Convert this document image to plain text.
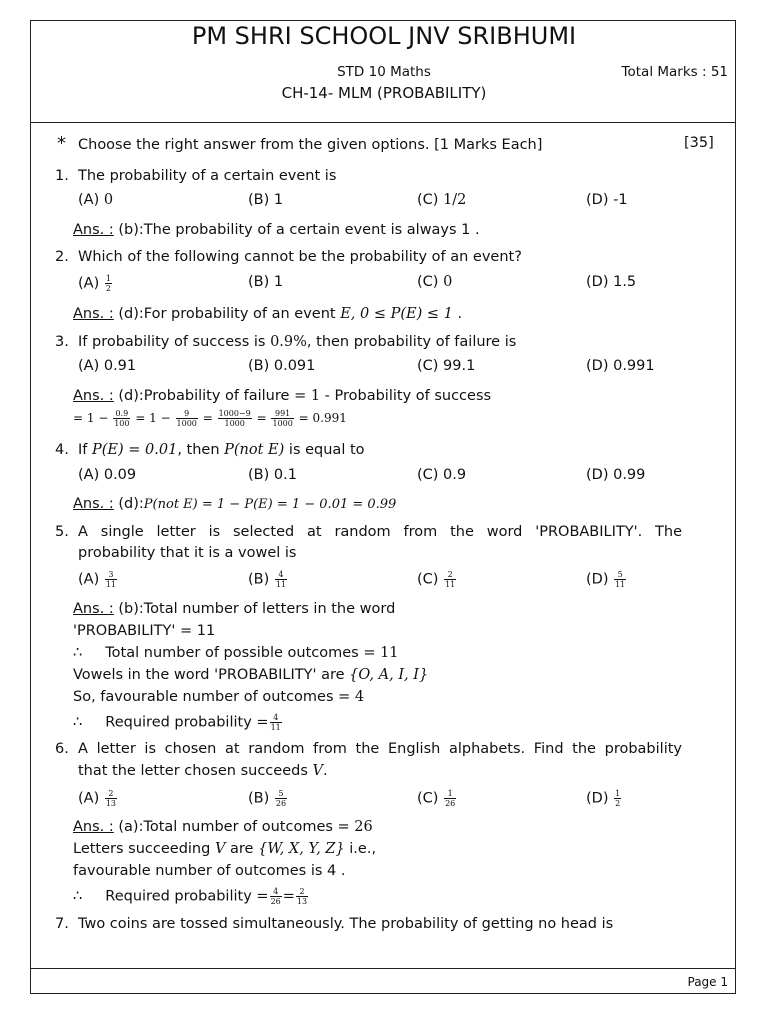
PM SHRI SCHOOL JNV SRIBHUMI
STD 10 Maths	Total Marks : 51
CH-14- MLM (PROBABILITY)
* Choose the right answer from the given options. [1 Marks Each]	[35]
1. The probability of a certain event is
(A) 0	(B) 1	(C) 1/2	(D) -1
Ans. : (b):The probability of a certain event is always 1 .
2. Which of the following cannot be the probability of an event?
$(A) \frac{1}{2}$	(B) 1	(C) 0	(D) 1.5
Ans. : (d):For probability of an event E, 0 ≤ P(E) ≤ 1 .
3. If probability of success is 0.9%, then probability of failure is
(A) 0.91	(B) 0.091	(C) 99.1	(D) 0.991
Ans. : (d):Probability of failure = 1 - Probability of success
= $1 - \frac{0.9}{100} = 1 - \frac{9}{1000} = \frac{1000-9}{1000} = \frac{991}{1000} = 0.991$
4. If P(E) = 0.01, then P(not E) is equal to
(A) 0.09	(B) 0.1	(C) 0.9	(D) 0.99
Ans. : (d):P(not E) = 1 − P(E) = 1 − 0.01 = 0.99
5. A single letter is selected at random from the word 'PROBABILITY'. The
probability that it is a vowel is
$(A) \frac{3}{11}$	$(B) \frac{4}{11}$	$(C) \frac{2}{11}$	$(D) \frac{5}{11}$
Ans. : (b):Total number of letters in the word
'PROBABILITY' = 11
∴ Total number of possible outcomes = 11
Vowels in the word 'PROBABILITY' are {O, A, I, I}
So, favourable number of outcomes = 4
∴ Required probability = $\frac{4}{11}$
6. A letter is chosen at random from the English alphabets. Find the probability
that the letter chosen succeeds V.
$(A) \frac{2}{13}$	$(B) \frac{5}{26}$	$(C) \frac{1}{26}$	$(D) \frac{1}{2}$
Ans. : (a):Total number of outcomes = 26
Letters succeeding V are {W, X, Y, Z} i.e.,
favourable number of outcomes is 4 .
∴ Required probability = $\frac{4}{26} = \frac{2}{13}$
7. Two coins are tossed simultaneously. The probability of getting no head is
Page 1
